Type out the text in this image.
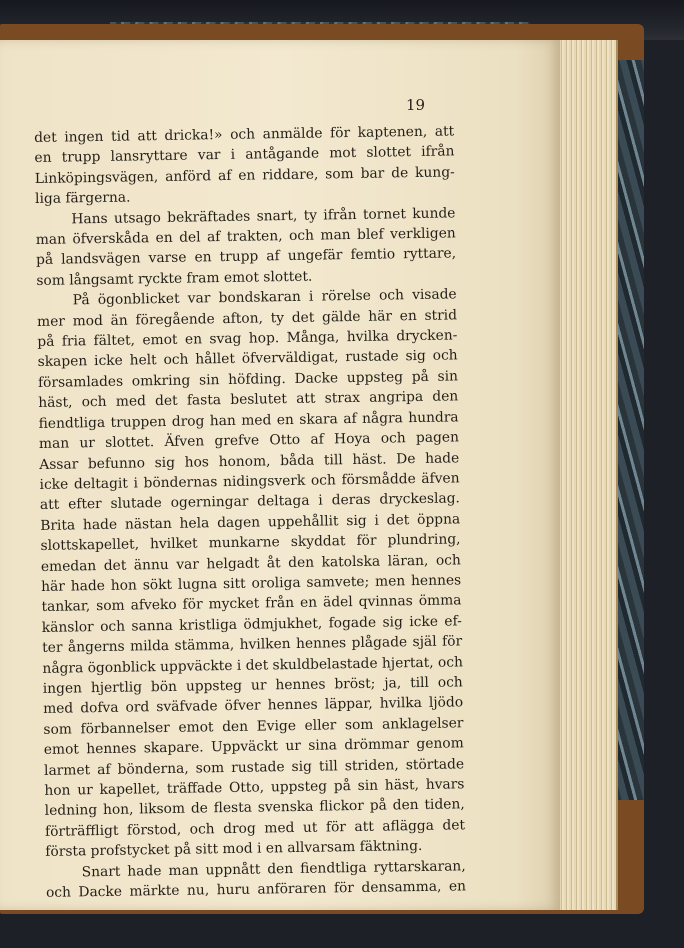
19
det ingen tid att dricka!» och anmälde för kaptenen, att
en trupp lansryttare var i antågande mot slottet ifrån
Linköpingsvägen, anförd af en riddare, som bar de kung-
liga färgerna.
Hans utsago bekräftades snart, ty ifrån tornet kunde
man öfverskåda en del af trakten, och man blef verkligen
på landsvägen varse en trupp af ungefär femtio ryttare,
som långsamt ryckte fram emot slottet.
På ögonblicket var bondskaran i rörelse och visade
mer mod än föregående afton, ty det gälde här en strid
på fria fältet, emot en svag hop. Många, hvilka drycken-
skapen icke helt och hållet öfverväldigat, rustade sig och
församlades omkring sin höfding. Dacke uppsteg på sin
häst, och med det fasta beslutet att strax angripa den
fiendtliga truppen drog han med en skara af några hundra
man ur slottet. Äfven grefve Otto af Hoya och pagen
Assar befunno sig hos honom, båda till häst. De hade
icke deltagit i böndernas nidingsverk och försmådde äfven
att efter slutade ogerningar deltaga i deras dryckeslag.
Brita hade nästan hela dagen uppehållit sig i det öppna
slottskapellet, hvilket munkarne skyddat för plundring,
emedan det ännu var helgadt åt den katolska läran, och
här hade hon sökt lugna sitt oroliga samvete; men hennes
tankar, som afveko för mycket från en ädel qvinnas ömma
känslor och sanna kristliga ödmjukhet, fogade sig icke ef-
ter ångerns milda stämma, hvilken hennes plågade själ för
några ögonblick uppväckte i det skuldbelastade hjertat, och
ingen hjertlig bön uppsteg ur hennes bröst; ja, till och
med dofva ord sväfvade öfver hennes läppar, hvilka ljödo
som förbannelser emot den Evige eller som anklagelser
emot hennes skapare. Uppväckt ur sina drömmar genom
larmet af bönderna, som rustade sig till striden, störtade
hon ur kapellet, träffade Otto, uppsteg på sin häst, hvars
ledning hon, liksom de flesta svenska flickor på den tiden,
förträffligt förstod, och drog med ut för att aflägga det
första profstycket på sitt mod i en allvarsam fäktning.
Snart hade man uppnått den fiendtliga ryttarskaran,
och Dacke märkte nu, huru anföraren för densamma, en
